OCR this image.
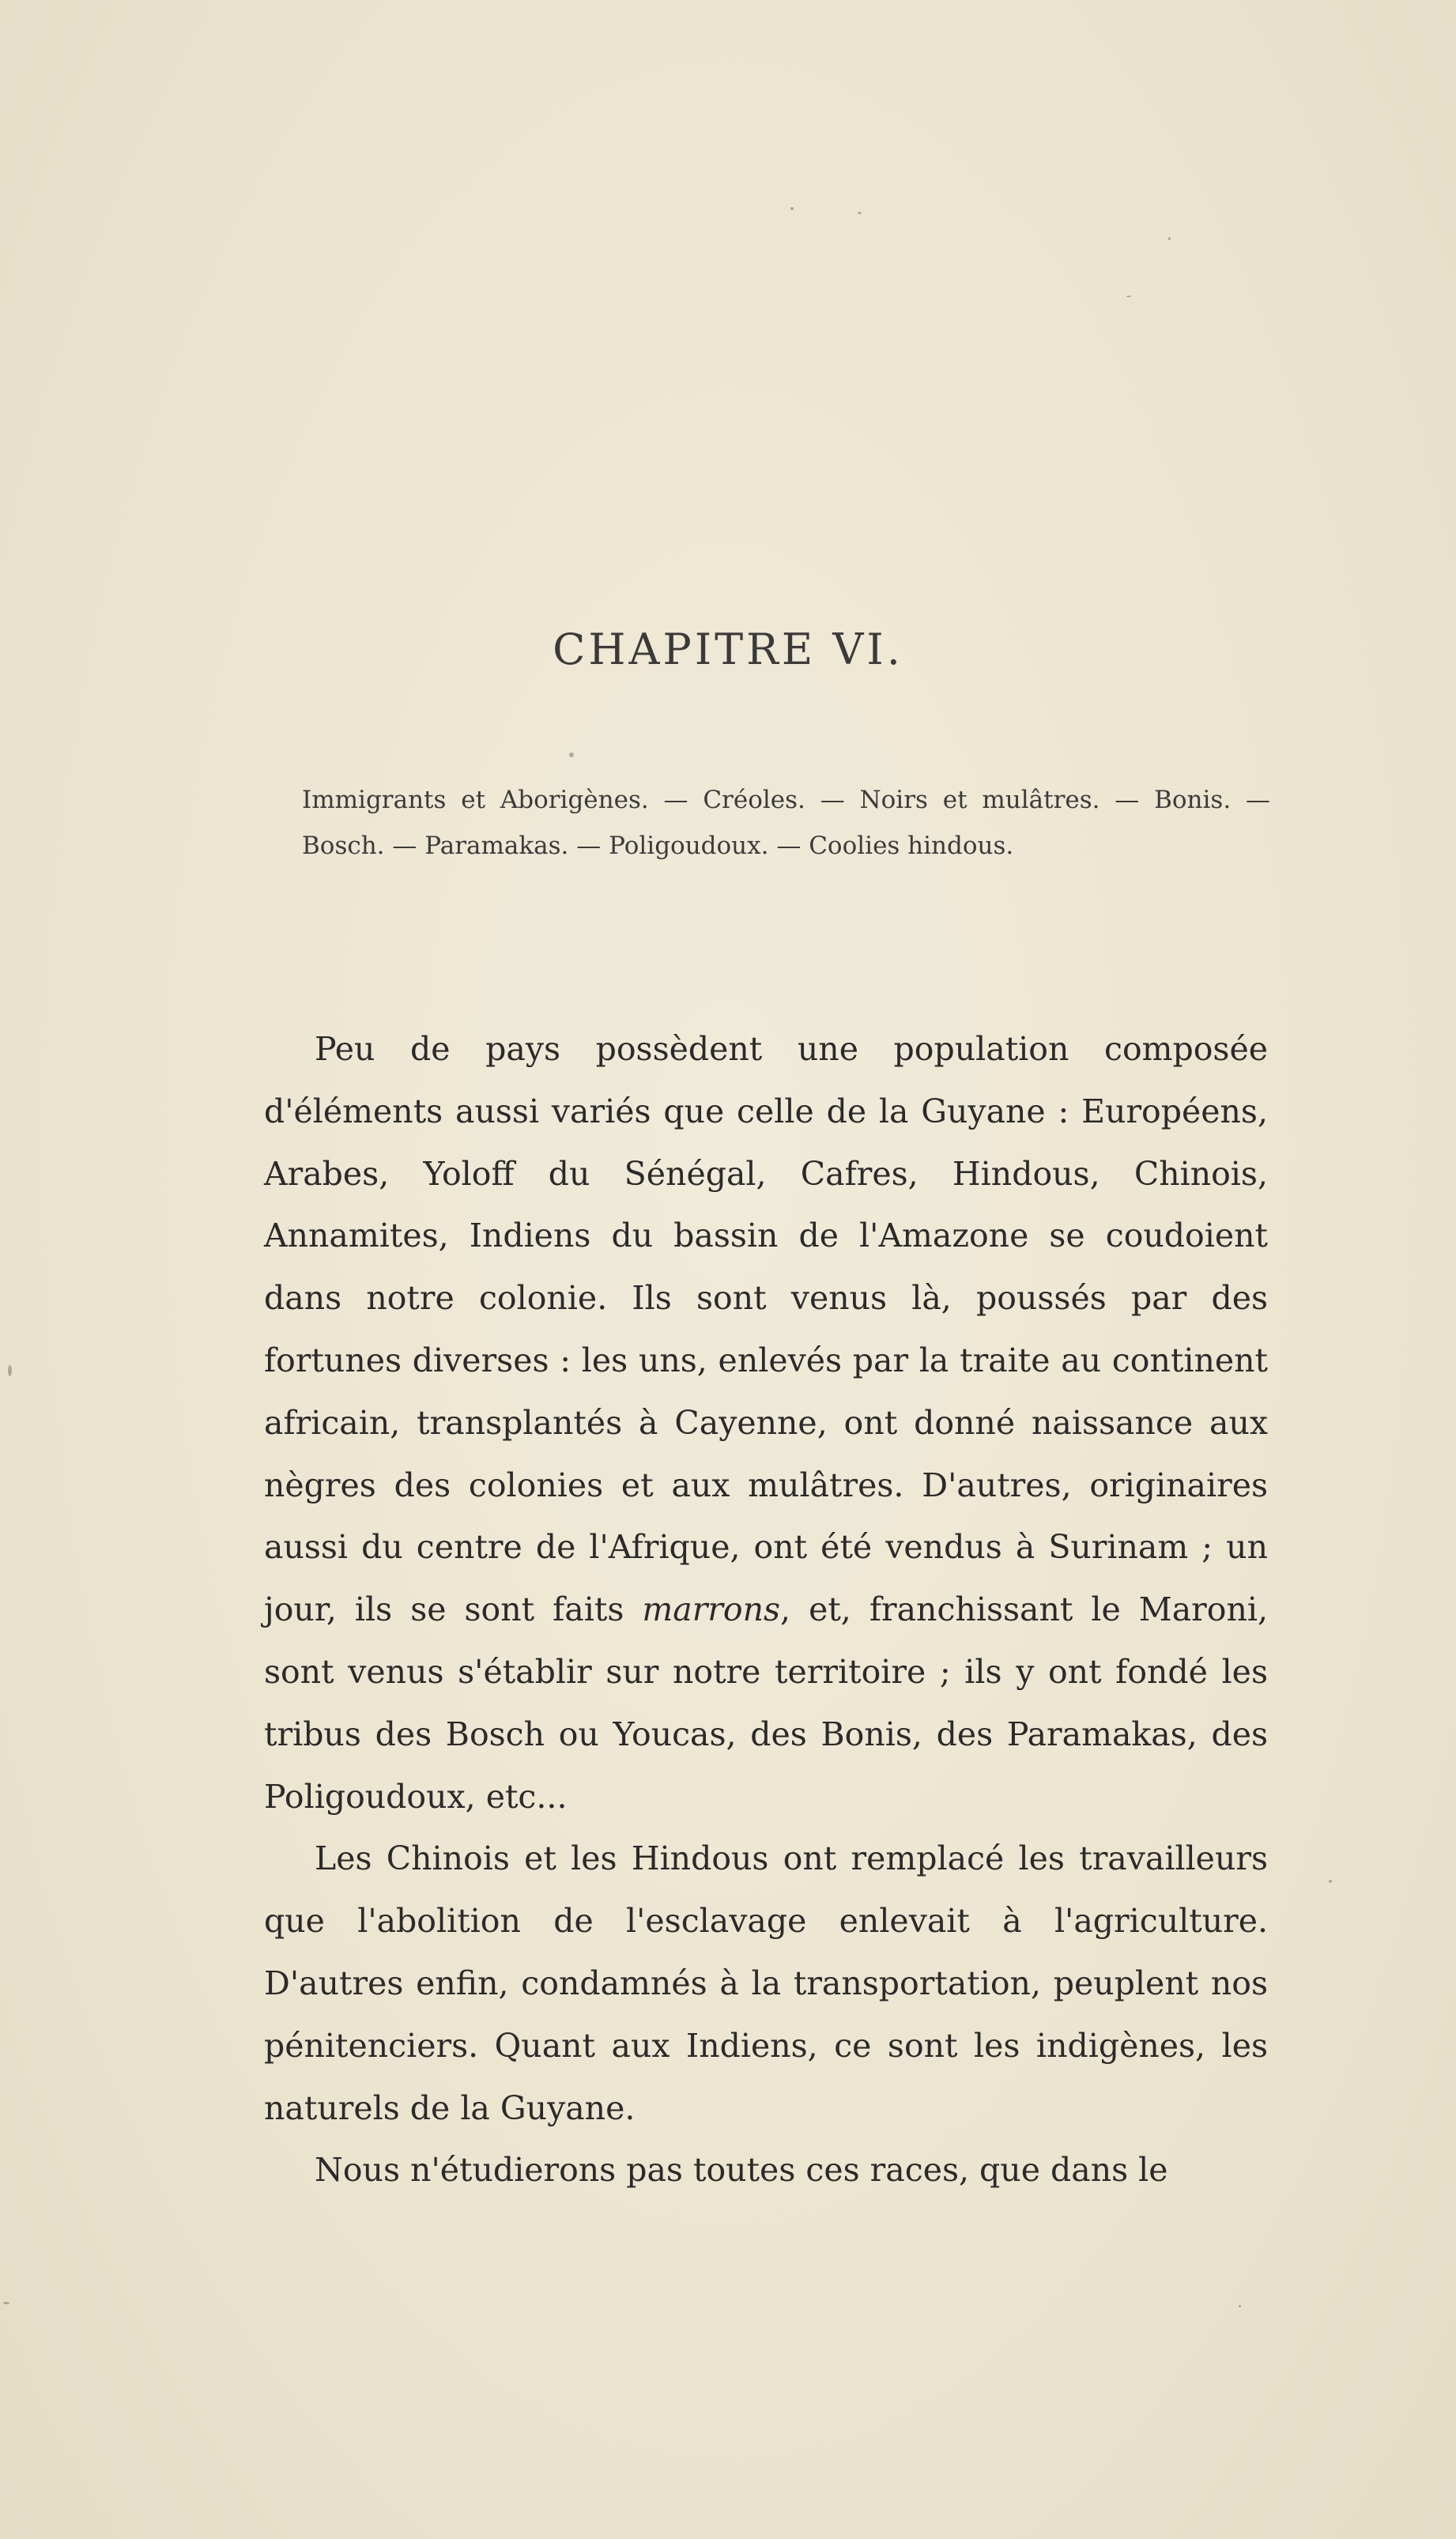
CHAPITRE VI.

Immigrants et Aborigènes. — Créoles. — Noirs et mulâtres. — Bonis. — Bosch. — Paramakas. — Poligoudoux. — Coolies hindous.

Peu de pays possèdent une population composée d'éléments aussi variés que celle de la Guyane : Européens, Arabes, Yoloff du Sénégal, Cafres, Hindous, Chinois, Annamites, Indiens du bassin de l'Amazone se coudoient dans notre colonie. Ils sont venus là, poussés par des fortunes diverses : les uns, enlevés par la traite au continent africain, transplantés à Cayenne, ont donné naissance aux nègres des colonies et aux mulâtres. D'autres, originaires aussi du centre de l'Afrique, ont été vendus à Surinam ; un jour, ils se sont faits marrons, et, franchissant le Maroni, sont venus s'établir sur notre territoire ; ils y ont fondé les tribus des Bosch ou Youcas, des Bonis, des Paramakas, des Poligoudoux, etc...

Les Chinois et les Hindous ont remplacé les travailleurs que l'abolition de l'esclavage enlevait à l'agriculture. D'autres enfin, condamnés à la transportation, peuplent nos pénitenciers. Quant aux Indiens, ce sont les indigènes, les naturels de la Guyane.

Nous n'étudierons pas toutes ces races, que dans le
